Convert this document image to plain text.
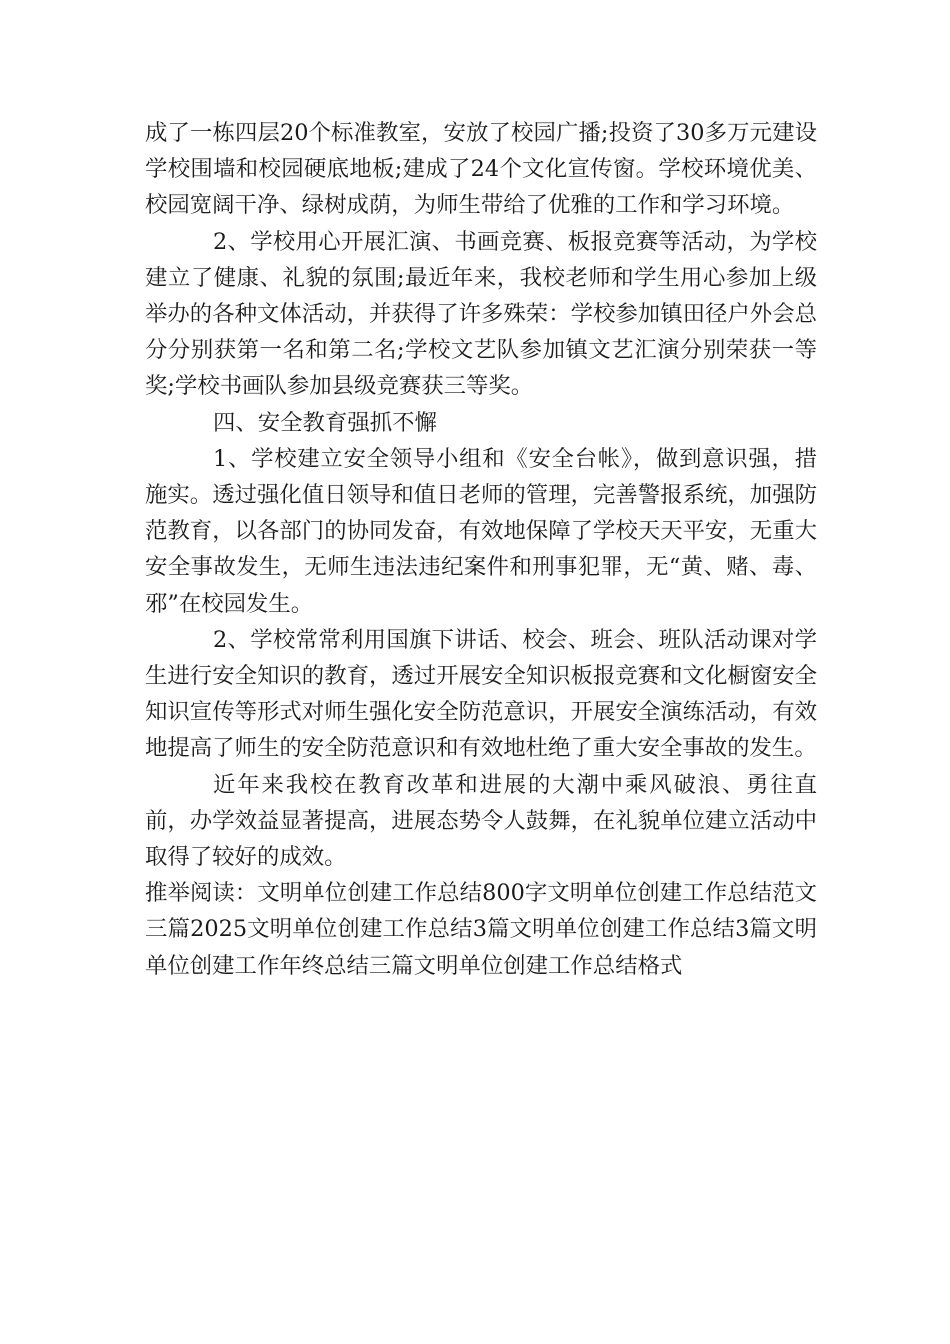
成了一栋四层20个标准教室，安放了校园广播;投资了30多万元建设学校围墙和校园硬底地板;建成了24个文化宣传窗。学校环境优美、校园宽阔干净、绿树成荫，为师生带给了优雅的工作和学习环境。

2、学校用心开展汇演、书画竞赛、板报竞赛等活动，为学校建立了健康、礼貌的氛围;最近年来，我校老师和学生用心参加上级举办的各种文体活动，并获得了许多殊荣：学校参加镇田径户外会总分分别获第一名和第二名;学校文艺队参加镇文艺汇演分别荣获一等奖;学校书画队参加县级竞赛获三等奖。

四、安全教育强抓不懈

1、学校建立安全领导小组和《安全台帐》，做到意识强，措施实。透过强化值日领导和值日老师的管理，完善警报系统，加强防范教育，以各部门的协同发奋，有效地保障了学校天天平安，无重大安全事故发生，无师生违法违纪案件和刑事犯罪，无“黄、赌、毒、邪”在校园发生。

2、学校常常利用国旗下讲话、校会、班会、班队活动课对学生进行安全知识的教育，透过开展安全知识板报竞赛和文化橱窗安全知识宣传等形式对师生强化安全防范意识，开展安全演练活动，有效地提高了师生的安全防范意识和有效地杜绝了重大安全事故的发生。

近年来我校在教育改革和进展的大潮中乘风破浪、勇往直前，办学效益显著提高，进展态势令人鼓舞，在礼貌单位建立活动中取得了较好的成效。

推举阅读：文明单位创建工作总结800字文明单位创建工作总结范文三篇2025文明单位创建工作总结3篇文明单位创建工作总结3篇文明单位创建工作年终总结三篇文明单位创建工作总结格式
